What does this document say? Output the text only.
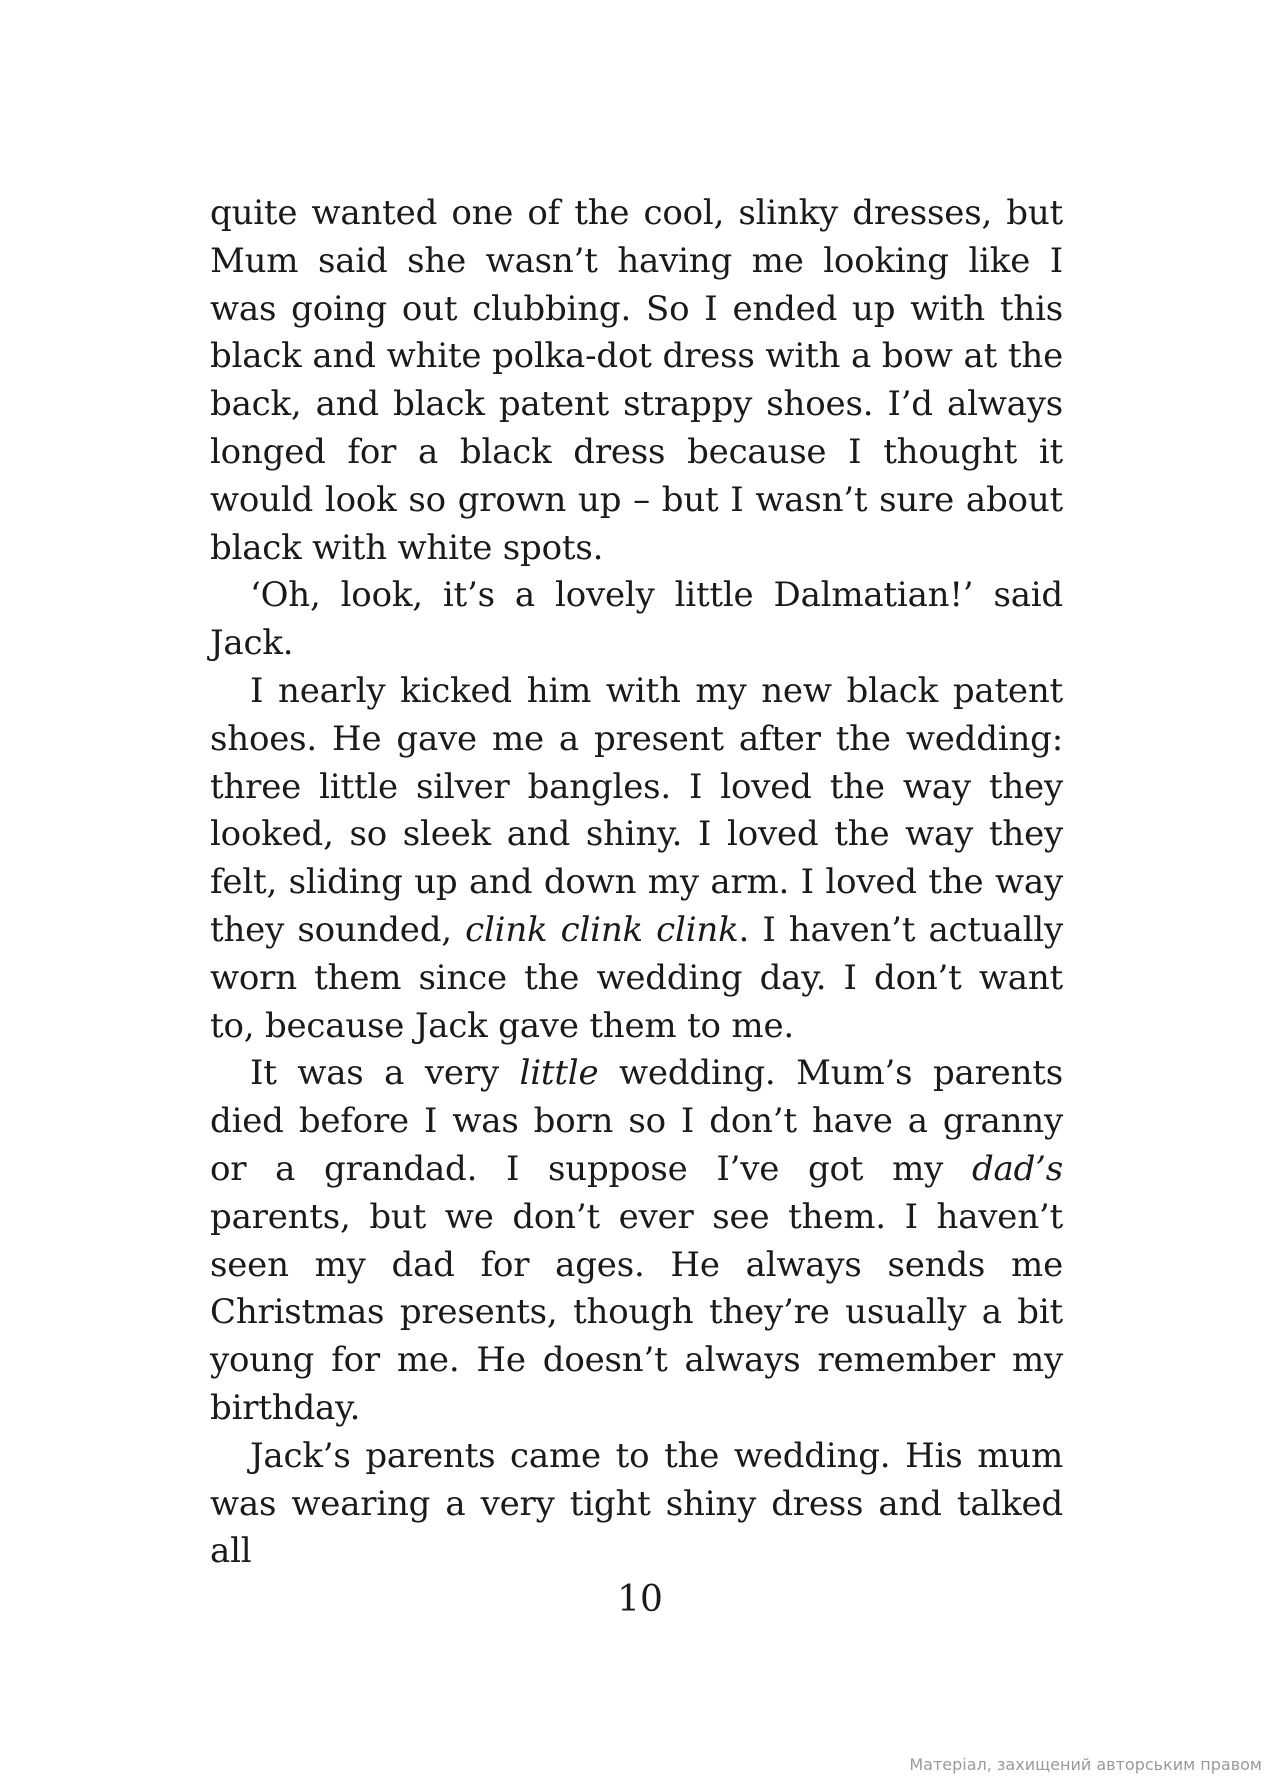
quite wanted one of the cool, slinky dresses, but Mum said she wasn’t having me looking like I was going out clubbing. So I ended up with this black and white polka-dot dress with a bow at the back, and black patent strappy shoes. I’d always longed for a black dress because I thought it would look so grown up – but I wasn’t sure about black with white spots.

‘Oh, look, it’s a lovely little Dalmatian!’ said Jack.

I nearly kicked him with my new black patent shoes. He gave me a present after the wedding: three little silver bangles. I loved the way they looked, so sleek and shiny. I loved the way they felt, sliding up and down my arm. I loved the way they sounded, clink clink clink. I haven’t actually worn them since the wedding day. I don’t want to, because Jack gave them to me.

It was a very little wedding. Mum’s parents died before I was born so I don’t have a granny or a grandad. I suppose I’ve got my dad’s parents, but we don’t ever see them. I haven’t seen my dad for ages. He always sends me Christmas presents, though they’re usually a bit young for me. He doesn’t always remember my birthday.

Jack’s parents came to the wedding. His mum was wearing a very tight shiny dress and talked all

10
Матеріал, захищений авторським правом
